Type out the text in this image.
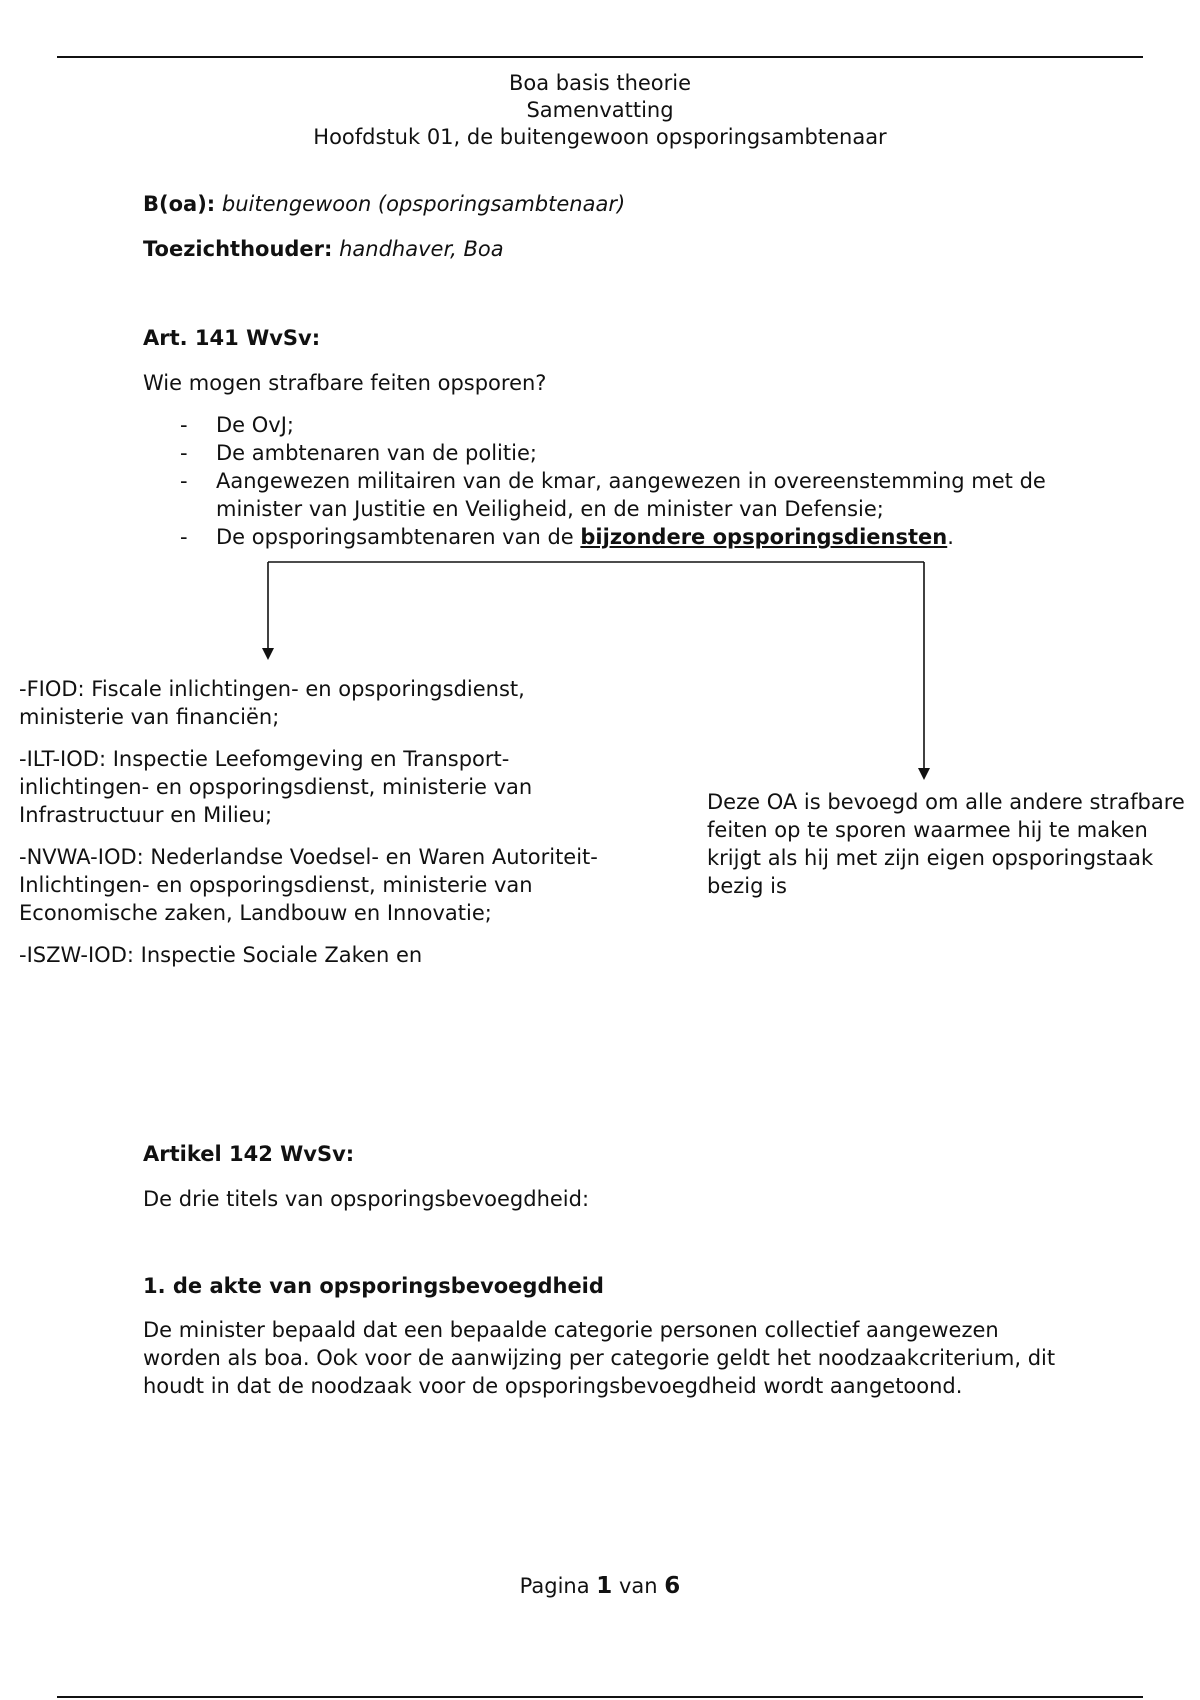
Boa basis theorie
Samenvatting
Hoofdstuk 01, de buitengewoon opsporingsambtenaar
B(oa): buitengewoon (opsporingsambtenaar)
Toezichthouder: handhaver, Boa
Art. 141 WvSv:
Wie mogen strafbare feiten opsporen?
- De OvJ;
- De ambtenaren van de politie;
- Aangewezen militairen van de kmar, aangewezen in overeenstemming met de minister van Justitie en Veiligheid, en de minister van Defensie;
- De opsporingsambtenaren van de bijzondere opsporingsdiensten.

-FIOD: Fiscale inlichtingen- en opsporingsdienst, ministerie van financiën;

-ILT-IOD: Inspectie Leefomgeving en Transport- inlichtingen- en opsporingsdienst, ministerie van Infrastructuur en Milieu;

-NVWA-IOD: Nederlandse Voedsel- en Waren Autoriteit- Inlichtingen- en opsporingsdienst, ministerie van Economische zaken, Landbouw en Innovatie;

-ISZW-IOD: Inspectie Sociale Zaken en

Deze OA is bevoegd om alle andere strafbare feiten op te sporen waarmee hij te maken krijgt als hij met zijn eigen opsporingstaak bezig is
Artikel 142 WvSv:
De drie titels van opsporingsbevoegdheid:
1. de akte van opsporingsbevoegdheid
De minister bepaald dat een bepaalde categorie personen collectief aangewezen worden als boa. Ook voor de aanwijzing per categorie geldt het noodzaakcriterium, dit houdt in dat de noodzaak voor de opsporingsbevoegdheid wordt aangetoond.
Pagina 1 van 6
